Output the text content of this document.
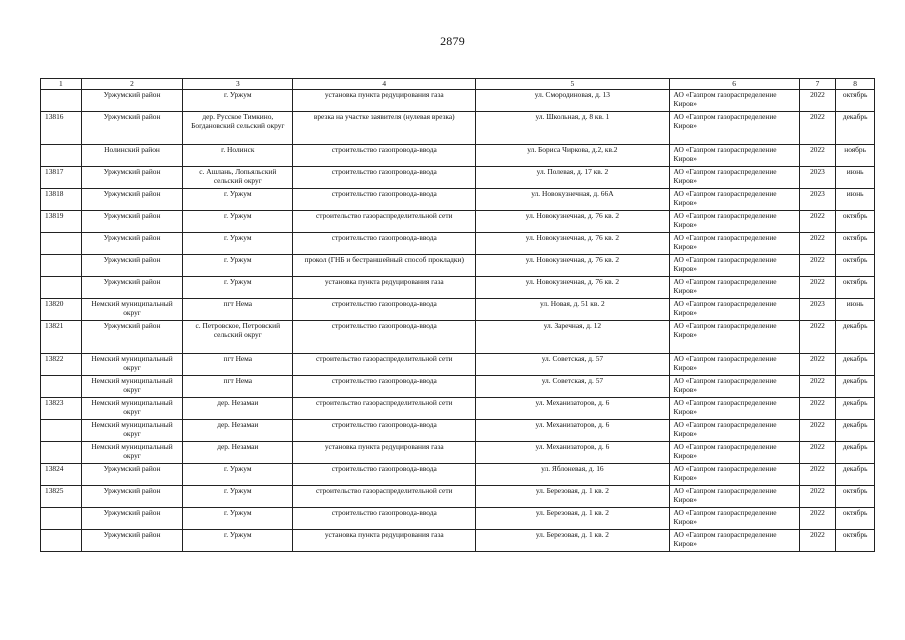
2879
1	2	3	4	5	6	7	8
	Уржумский район	г. Уржум	установка пункта редуцирования газа	ул. Смородиновая, д. 13	АО «Газпром газораспределение Киров»	2022	октябрь
13816	Уржумский район	дер. Русское Тимкино, Богдановский сельский округ	врезка на участке заявителя (нулевая врезка)	ул. Школьная, д. 8 кв. 1	АО «Газпром газораспределение Киров»	2022	декабрь
	Нолинский район	г. Нолинск	строительство газопровода-ввода	ул. Бориса Чиркова, д.2, кв.2	АО «Газпром газораспределение Киров»	2022	ноябрь
13817	Уржумский район	с. Ашлань, Лопьяльский сельский округ	строительство газопровода-ввода	ул. Полевая, д. 17 кв. 2	АО «Газпром газораспределение Киров»	2023	июнь
13818	Уржумский район	г. Уржум	строительство газопровода-ввода	ул. Новокузнечная, д. 66А	АО «Газпром газораспределение Киров»	2023	июнь
13819	Уржумский район	г. Уржум	строительство газораспределительной сети	ул. Новокузнечная, д. 76 кв. 2	АО «Газпром газораспределение Киров»	2022	октябрь
	Уржумский район	г. Уржум	строительство газопровода-ввода	ул. Новокузнечная, д. 76 кв. 2	АО «Газпром газораспределение Киров»	2022	октябрь
	Уржумский район	г. Уржум	прокол (ГНБ и бестраншейный способ прокладки)	ул. Новокузнечная, д. 76 кв. 2	АО «Газпром газораспределение Киров»	2022	октябрь
	Уржумский район	г. Уржум	установка пункта редуцирования газа	ул. Новокузнечная, д. 76 кв. 2	АО «Газпром газораспределение Киров»	2022	октябрь
13820	Немский муниципальный округ	пгт Нема	строительство газопровода-ввода	ул. Новая, д. 51 кв. 2	АО «Газпром газораспределение Киров»	2023	июнь
13821	Уржумский район	с. Петровское, Петровский сельский округ	строительство газопровода-ввода	ул. Заречная, д. 12	АО «Газпром газораспределение Киров»	2022	декабрь
13822	Немский муниципальный округ	пгт Нема	строительство газораспределительной сети	ул. Советская, д. 57	АО «Газпром газораспределение Киров»	2022	декабрь
	Немский муниципальный округ	пгт Нема	строительство газопровода-ввода	ул. Советская, д. 57	АО «Газпром газораспределение Киров»	2022	декабрь
13823	Немский муниципальный округ	дер. Незамаи	строительство газораспределительной сети	ул. Механизаторов, д. 6	АО «Газпром газораспределение Киров»	2022	декабрь
	Немский муниципальный округ	дер. Незамаи	строительство газопровода-ввода	ул. Механизаторов, д. 6	АО «Газпром газораспределение Киров»	2022	декабрь
	Немский муниципальный округ	дер. Незамаи	установка пункта редуцирования газа	ул. Механизаторов, д. 6	АО «Газпром газораспределение Киров»	2022	декабрь
13824	Уржумский район	г. Уржум	строительство газопровода-ввода	ул. Яблоневая, д. 16	АО «Газпром газораспределение Киров»	2022	декабрь
13825	Уржумский район	г. Уржум	строительство газораспределительной сети	ул. Березовая, д. 1 кв. 2	АО «Газпром газораспределение Киров»	2022	октябрь
	Уржумский район	г. Уржум	строительство газопровода-ввода	ул. Березовая, д. 1 кв. 2	АО «Газпром газораспределение Киров»	2022	октябрь
	Уржумский район	г. Уржум	установка пункта редуцирования газа	ул. Березовая, д. 1 кв. 2	АО «Газпром газораспределение Киров»	2022	октябрь
